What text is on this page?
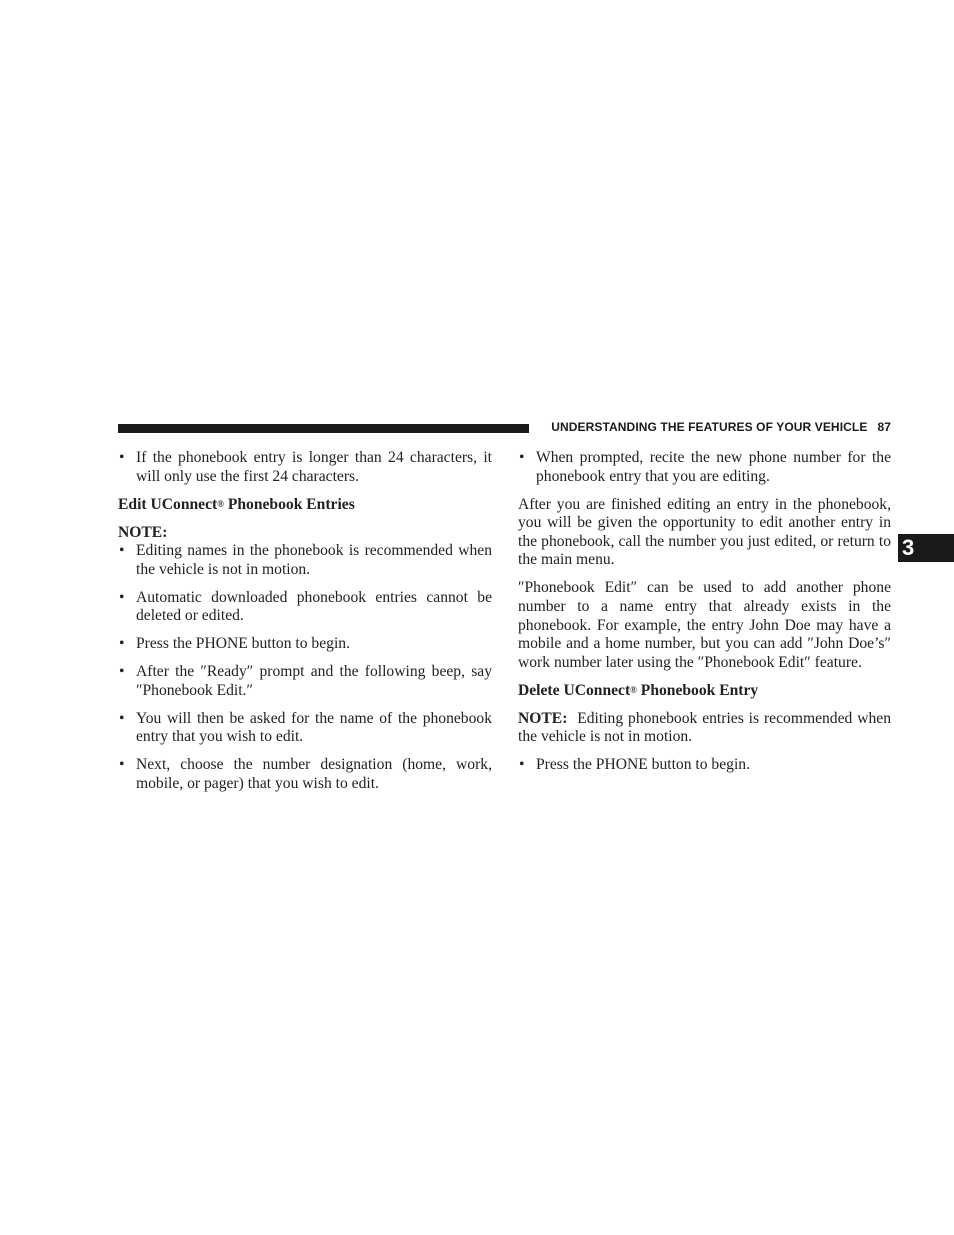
UNDERSTANDING THE FEATURES OF YOUR VEHICLE 87
3

• If the phonebook entry is longer than 24 characters, it will only use the first 24 characters.

Edit UConnect® Phonebook Entries

NOTE:

• Editing names in the phonebook is recommended when the vehicle is not in motion.

• Automatic downloaded phonebook entries cannot be deleted or edited.

• Press the PHONE button to begin.

• After the ″Ready″ prompt and the following beep, say ″Phonebook Edit.″

• You will then be asked for the name of the phonebook entry that you wish to edit.

• Next, choose the number designation (home, work, mobile, or pager) that you wish to edit.

• When prompted, recite the new phone number for the phonebook entry that you are editing.

After you are finished editing an entry in the phonebook, you will be given the opportunity to edit another entry in the phonebook, call the number you just edited, or return to the main menu.

″Phonebook Edit″ can be used to add another phone number to a name entry that already exists in the phonebook. For example, the entry John Doe may have a mobile and a home number, but you can add ″John Doe’s″ work number later using the ″Phonebook Edit″ feature.

Delete UConnect® Phonebook Entry

NOTE: Editing phonebook entries is recommended when the vehicle is not in motion.

• Press the PHONE button to begin.
